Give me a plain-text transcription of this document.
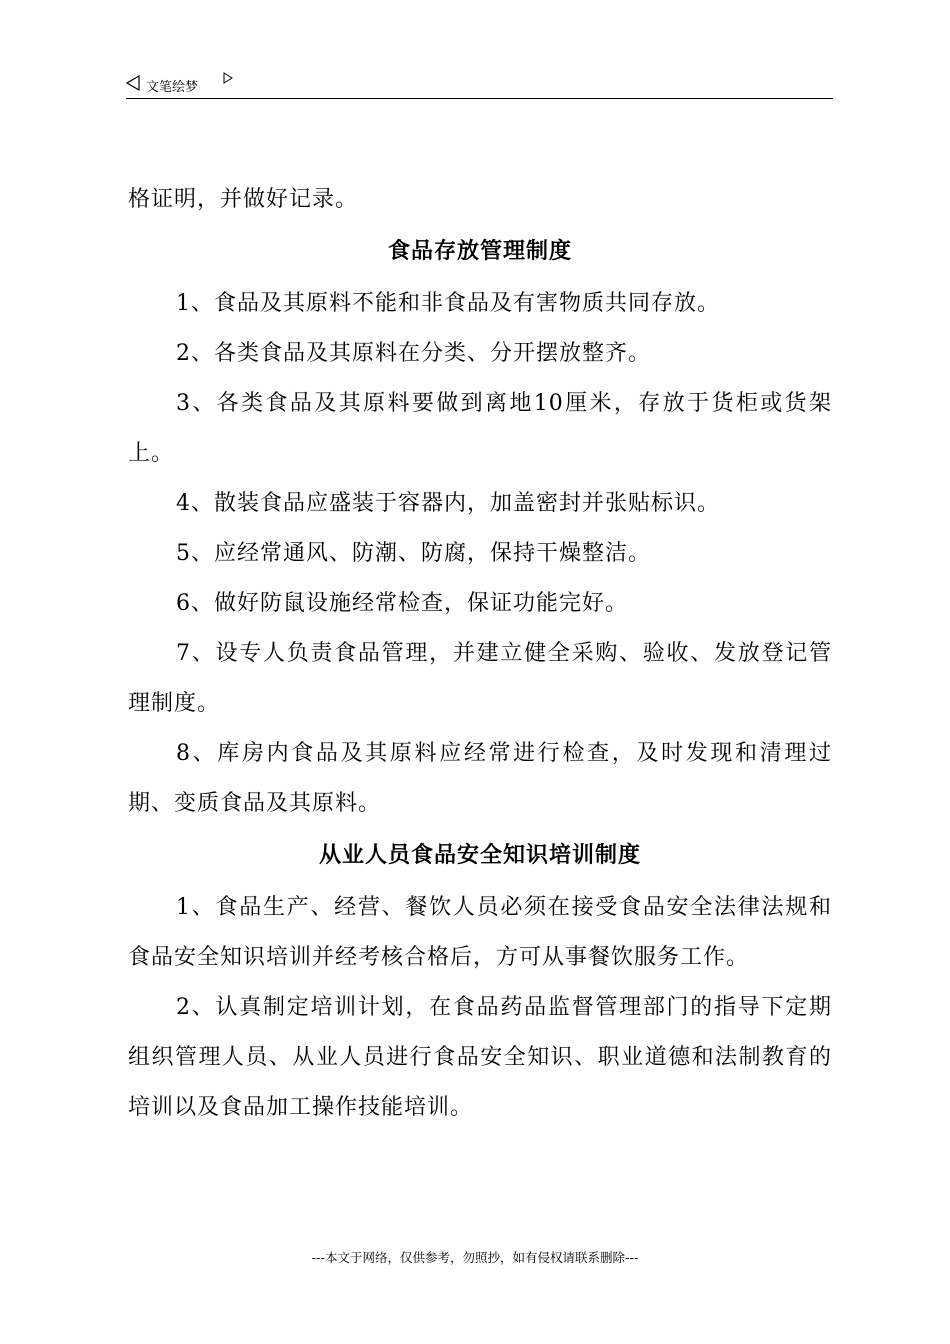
文笔绘梦

格证明，并做好记录。

食品存放管理制度

1、食品及其原料不能和非食品及有害物质共同存放。

2、各类食品及其原料在分类、分开摆放整齐。

3、各类食品及其原料要做到离地10厘米，存放于货柜或货架上。

4、散装食品应盛装于容器内，加盖密封并张贴标识。

5、应经常通风、防潮、防腐，保持干燥整洁。

6、做好防鼠设施经常检查，保证功能完好。

7、设专人负责食品管理，并建立健全采购、验收、发放登记管理制度。

8、库房内食品及其原料应经常进行检查，及时发现和清理过期、变质食品及其原料。

从业人员食品安全知识培训制度

1、食品生产、经营、餐饮人员必须在接受食品安全法律法规和食品安全知识培训并经考核合格后，方可从事餐饮服务工作。

2、认真制定培训计划，在食品药品监督管理部门的指导下定期组织管理人员、从业人员进行食品安全知识、职业道德和法制教育的培训以及食品加工操作技能培训。

---本文于网络，仅供参考，勿照抄，如有侵权请联系删除---
